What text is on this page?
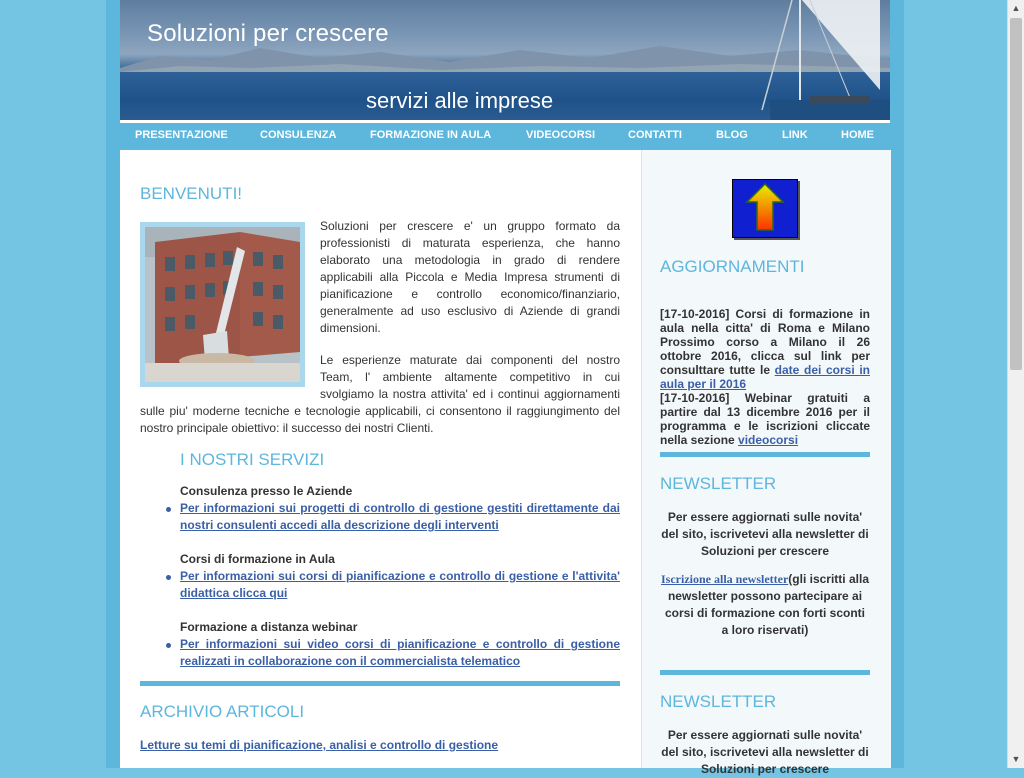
Soluzioni per crescere
servizi alle imprese
PRESENTAZIONE	CONSULENZA	FORMAZIONE IN AULA	VIDEOCORSI	CONTATTI	BLOG	LINK	HOME
BENVENUTI!

Soluzioni per crescere e' un gruppo formato da professionisti di maturata esperienza, che hanno elaborato una metodologia in grado di rendere applicabili alla Piccola e Media Impresa strumenti di pianificazione e controllo economico/finanziario, generalmente ad uso esclusivo di Aziende di grandi dimensioni.

Le esperienze maturate dai componenti del nostro Team, l' ambiente altamente competitivo in cui svolgiamo la nostra attivita' ed i continui aggiornamenti sulle piu' moderne tecniche e tecnologie applicabili, ci consentono il raggiungimento del nostro principale obiettivo: il successo dei nostri Clienti.

I NOSTRI SERVIZI
Consulenza presso le Aziende
Per informazioni sui progetti di controllo di gestione gestiti direttamente dai nostri consulenti accedi alla descrizione degli interventi
Corsi di formazione in Aula
Per informazioni sui corsi di pianificazione e controllo di gestione e l'attivita' didattica clicca qui
Formazione a distanza webinar
Per informazioni sui video corsi di pianificazione e controllo di gestione realizzati in collaborazione con il commercialista telematico
ARCHIVIO ARTICOLI
Letture su temi di pianificazione, analisi e controllo di gestione
AGGIORNAMENTI
[17-10-2016] Corsi di formazione in aula nella citta' di Roma e Milano Prossimo corso a Milano il 26 ottobre 2016, clicca sul link per consulttare tutte le date dei corsi in aula per il 2016
[17-10-2016] Webinar gratuiti a partire dal 13 dicembre 2016 per il programma e le iscrizioni cliccate nella sezione videocorsi
NEWSLETTER
Per essere aggiornati sulle novita' del sito, iscrivetevi alla newsletter di Soluzioni per crescere
Iscrizione alla newsletter(gli iscritti alla newsletter possono partecipare ai corsi di formazione con forti sconti a loro riservati)
NEWSLETTER
Per essere aggiornati sulle novita' del sito, iscrivetevi alla newsletter di Soluzioni per crescere
▲
▼
